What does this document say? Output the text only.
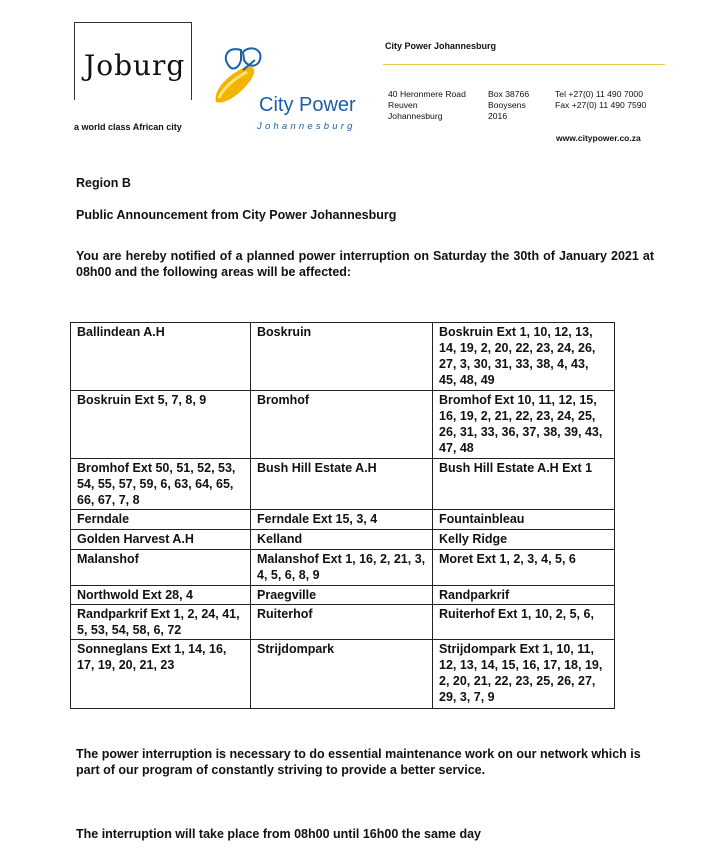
Joburg
a world class African city
City Power
Johannesburg
City Power Johannesburg
40 Heronmere Road
Reuven
Johannesburg
Box 38766
Booysens
2016
Tel +27(0) 11 490 7000
Fax +27(0) 11 490 7590
www.citypower.co.za
Region B
Public Announcement from City Power Johannesburg
You are hereby notified of a planned power interruption on Saturday the 30th of January 2021 at 08h00 and the following areas will be affected:
Ballindean A.H	Boskruin	Boskruin Ext 1, 10, 12, 13, 14, 19, 2, 20, 22, 23, 24, 26, 27, 3, 30, 31, 33, 38, 4, 43, 45, 48, 49
Boskruin Ext 5, 7, 8, 9	Bromhof	Bromhof Ext 10, 11, 12, 15, 16, 19, 2, 21, 22, 23, 24, 25, 26, 31, 33, 36, 37, 38, 39, 43, 47, 48
Bromhof Ext 50, 51, 52, 53, 54, 55, 57, 59, 6, 63, 64, 65, 66, 67, 7, 8	Bush Hill Estate A.H	Bush Hill Estate A.H Ext 1
Ferndale	Ferndale Ext 15, 3, 4	Fountainbleau
Golden Harvest A.H	Kelland	Kelly Ridge
Malanshof	Malanshof Ext 1, 16, 2, 21, 3, 4, 5, 6, 8, 9	Moret Ext 1, 2, 3, 4, 5, 6
Northwold Ext 28, 4	Praegville	Randparkrif
Randparkrif Ext 1, 2, 24, 41, 5, 53, 54, 58, 6, 72	Ruiterhof	Ruiterhof Ext 1, 10, 2, 5, 6,
Sonneglans Ext 1, 14, 16, 17, 19, 20, 21, 23	Strijdompark	Strijdompark Ext 1, 10, 11, 12, 13, 14, 15, 16, 17, 18, 19, 2, 20, 21, 22, 23, 25, 26, 27, 29, 3, 7, 9
The power interruption is necessary to do essential maintenance work on our network which is part of our program of constantly striving to provide a better service.
The interruption will take place from 08h00 until 16h00 the same day
